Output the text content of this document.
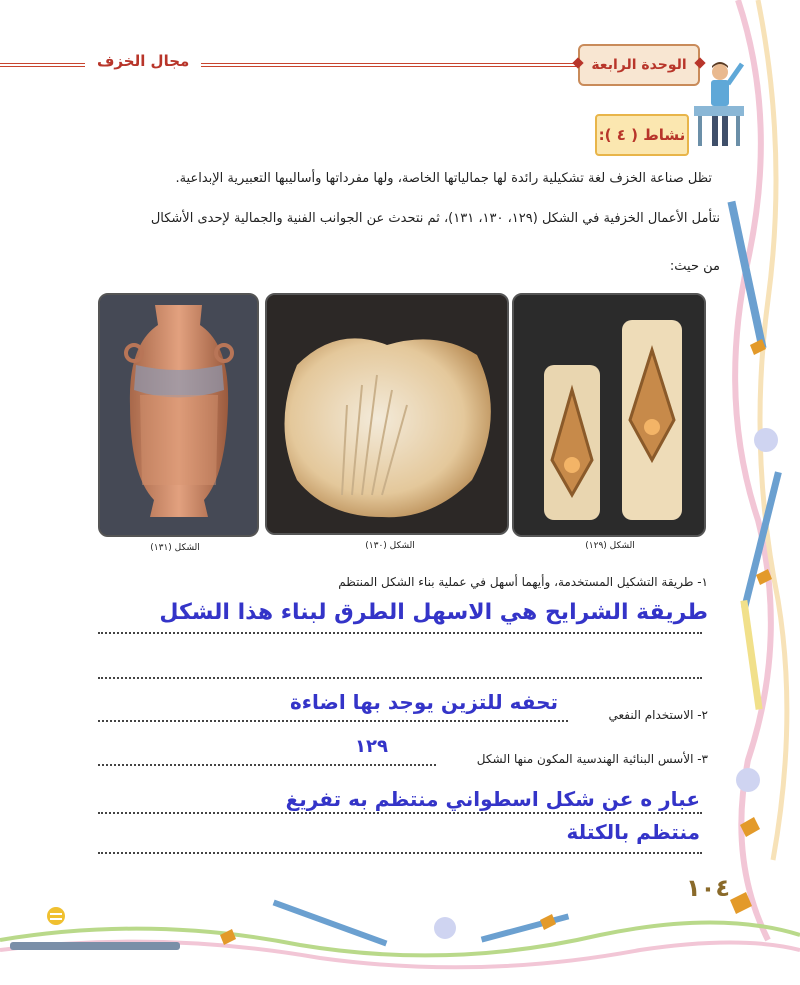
مجال الخزف	الوحدة الرابعة
نشاط ( ٤ ):
تظل صناعة الخزف لغة تشكيلية رائدة لها جمالياتها الخاصة، ولها مفرداتها وأساليبها التعبيرية الإبداعية.
نتأمل الأعمال الخزفية في الشكل (١٢٩، ١٣٠، ١٣١)، ثم نتحدث عن الجوانب الفنية والجمالية لإحدى الأشكال
من حيث:
الشكل (١٣١)	الشكل (١٣٠)	الشكل (١٢٩)
١- طريقة التشكيل المستخدمة، وأيهما أسهل في عملية بناء الشكل المنتظم
طريقة الشرايح هي الاسهل الطرق لبناء هذا الشكل
تحفه للتزين يوجد بها اضاءة
٢- الاستخدام النفعي
١٢٩
٣- الأسس البنائية الهندسية المكون منها الشكل
عبار ه عن شكل اسطواني منتظم به تفريغ
منتظم بالكتلة
١٠٤
